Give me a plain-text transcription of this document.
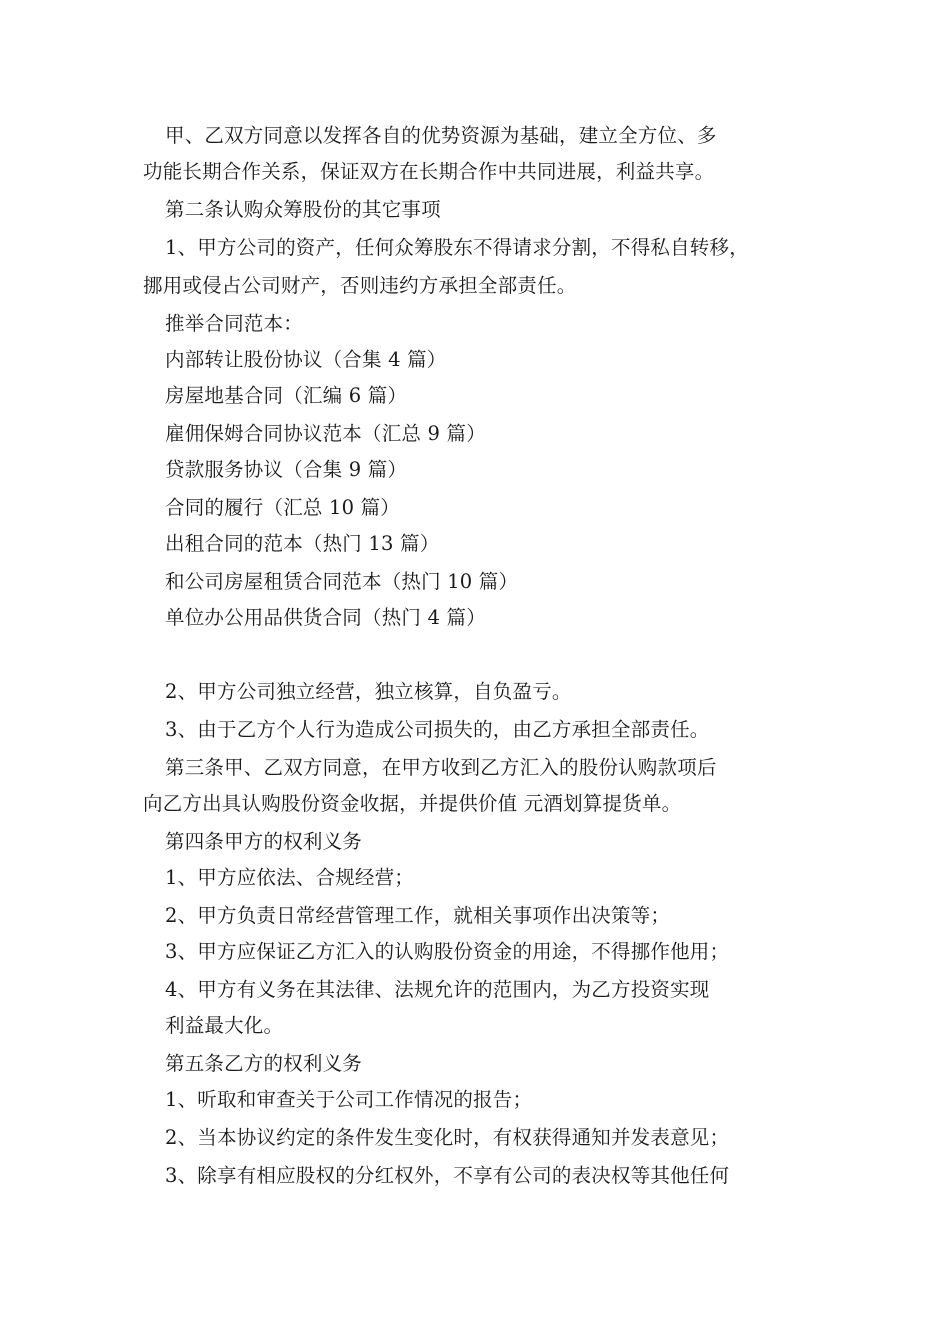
甲、乙双方同意以发挥各自的优势资源为基础，建立全方位、多
功能长期合作关系，保证双方在长期合作中共同进展，利益共享。
第二条认购众筹股份的其它事项
1、甲方公司的资产，任何众筹股东不得请求分割，不得私自转移，
挪用或侵占公司财产，否则违约方承担全部责任。
推举合同范本：
内部转让股份协议（合集 4 篇）
房屋地基合同（汇编 6 篇）
雇佣保姆合同协议范本（汇总 9 篇）
贷款服务协议（合集 9 篇）
合同的履行（汇总 10 篇）
出租合同的范本（热门 13 篇）
和公司房屋租赁合同范本（热门 10 篇）
单位办公用品供货合同（热门 4 篇）
2、甲方公司独立经营，独立核算，自负盈亏。
3、由于乙方个人行为造成公司损失的，由乙方承担全部责任。
第三条甲、乙双方同意，在甲方收到乙方汇入的股份认购款项后
向乙方出具认购股份资金收据，并提供价值 元酒划算提货单。
第四条甲方的权利义务
1、甲方应依法、合规经营；
2、甲方负责日常经营管理工作，就相关事项作出决策等；
3、甲方应保证乙方汇入的认购股份资金的用途，不得挪作他用；
4、甲方有义务在其法律、法规允许的范围内，为乙方投资实现
利益最大化。
第五条乙方的权利义务
1、听取和审查关于公司工作情况的报告；
2、当本协议约定的条件发生变化时，有权获得通知并发表意见；
3、除享有相应股权的分红权外，不享有公司的表决权等其他任何
